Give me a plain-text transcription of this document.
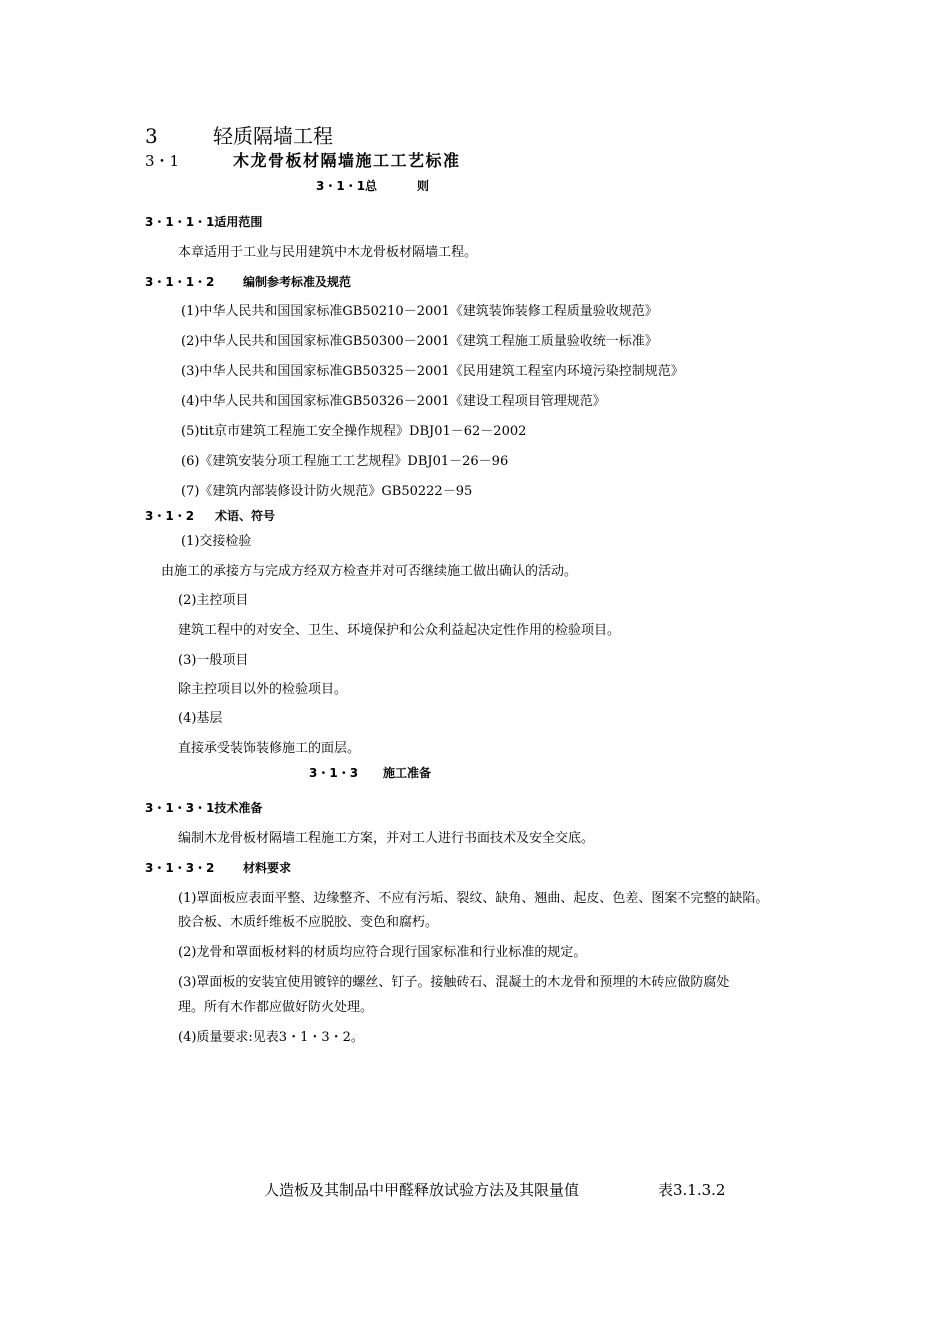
3	轻质隔墙工程
3・1	木龙骨板材隔墙施工工艺标准
3・1・1总	则
3・1・1・1适用范围
本章适用于工业与民用建筑中木龙骨板材隔墙工程。
3・1・1・2 编制参考标准及规范
(1)中华人民共和国国家标准GB50210－2001《建筑装饰装修工程质量验收规范》
(2)中华人民共和国国家标准GB50300－2001《建筑工程施工质量验收统一标准》
(3)中华人民共和国国家标准GB50325－2001《民用建筑工程室内环境污染控制规范》
(4)中华人民共和国国家标准GB50326－2001《建设工程项目管理规范》
(5)tit京市建筑工程施工安全操作规程》DBJ01－62－2002
(6)《建筑安装分项工程施工工艺规程》DBJ01－26－96
(7)《建筑内部装修设计防火规范》GB50222－95
3・1・2 术语、符号
(1)交接检验
由施工的承接方与完成方经双方检查并对可否继续施工做出确认的活动。
(2)主控项目
建筑工程中的对安全、卫生、环境保护和公众利益起决定性作用的检验项目。
(3)一般项目
除主控项目以外的检验项目。
(4)基层
直接承受装饰装修施工的面层。
3・1・3 施工准备
3・1・3・1技术准备
编制木龙骨板材隔墙工程施工方案，并对工人进行书面技术及安全交底。
3・1・3・2 材料要求
(1)罩面板应表面平整、边缘整齐、不应有污垢、裂纹、缺角、翘曲、起皮、色差、图案不完整的缺陷。
胶合板、木质纤维板不应脱胶、变色和腐朽。
(2)龙骨和罩面板材料的材质均应符合现行国家标准和行业标准的规定。
(3)罩面板的安装宜使用镀锌的螺丝、钉子。接触砖石、混凝土的木龙骨和预埋的木砖应做防腐处
理。所有木作都应做好防火处理。
(4)质量要求:见表3・1・3・2。
人造板及其制品中甲醛释放试验方法及其限量值	表3.1.3.2
